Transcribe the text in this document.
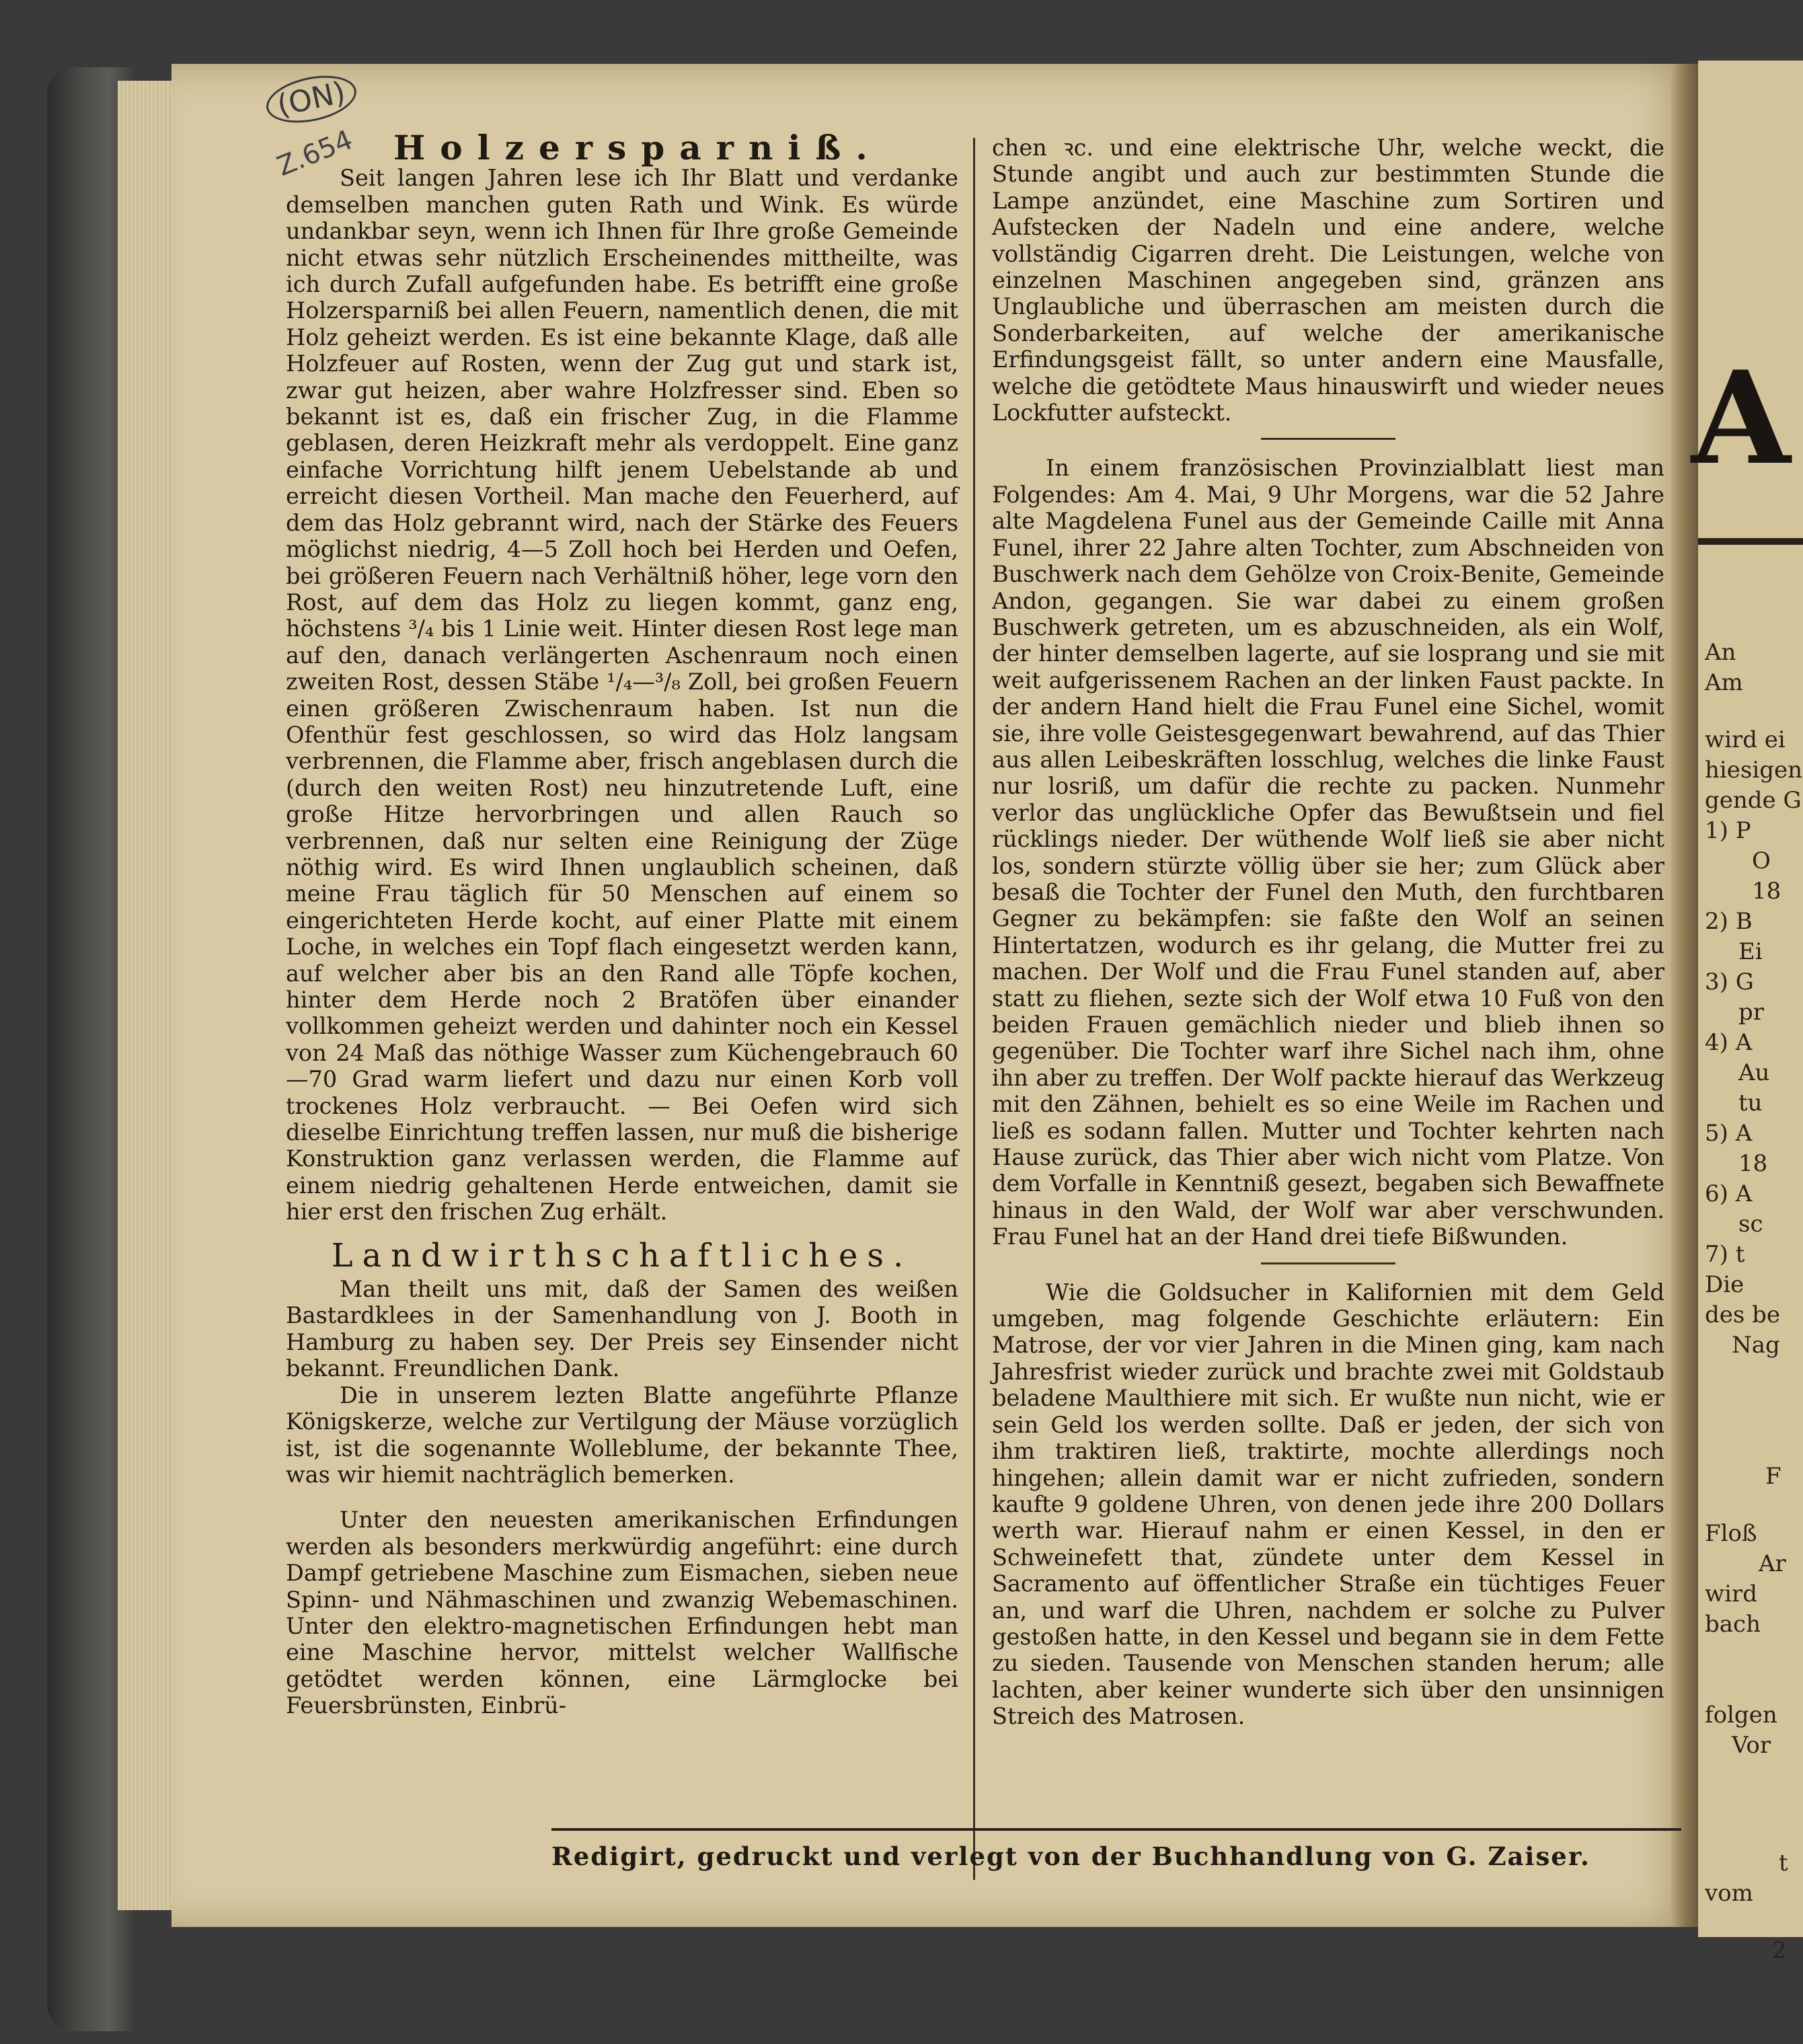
A
An
Am
wird ei
hiesigen
gende G
1) P
O
18
2) B
Ei
3) G
pr
4) A
Au
tu
5) A
18
6) A
sc
7) t
Die
des be
Nag
F
Floß
Ar
wird
bach
folgen
Vor
t
vom
2
(ON)
Z.654	Holzersparniß.

Seit langen Jahren lese ich Ihr Blatt und verdanke demselben manchen guten Rath und Wink. Es würde undankbar seyn, wenn ich Ihnen für Ihre große Gemeinde nicht etwas sehr nützlich Erscheinendes mittheilte, was ich durch Zufall aufgefunden habe. Es betrifft eine große Holzersparniß bei allen Feuern, namentlich denen, die mit Holz geheizt werden. Es ist eine bekannte Klage, daß alle Holzfeuer auf Rosten, wenn der Zug gut und stark ist, zwar gut heizen, aber wahre Holzfresser sind. Eben so bekannt ist es, daß ein frischer Zug, in die Flamme geblasen, deren Heizkraft mehr als verdoppelt. Eine ganz einfache Vorrichtung hilft jenem Uebelstande ab und erreicht diesen Vortheil. Man mache den Feuerherd, auf dem das Holz gebrannt wird, nach der Stärke des Feuers möglichst niedrig, 4—5 Zoll hoch bei Herden und Oefen, bei größeren Feuern nach Verhältniß höher, lege vorn den Rost, auf dem das Holz zu liegen kommt, ganz eng, höchstens ³/₄ bis 1 Linie weit. Hinter diesen Rost lege man auf den, danach verlängerten Aschenraum noch einen zweiten Rost, dessen Stäbe ¹/₄—³/₈ Zoll, bei großen Feuern einen größeren Zwischenraum haben. Ist nun die Ofenthür fest geschlossen, so wird das Holz langsam verbrennen, die Flamme aber, frisch angeblasen durch die (durch den weiten Rost) neu hinzutretende Luft, eine große Hitze hervorbringen und allen Rauch so verbrennen, daß nur selten eine Reinigung der Züge nöthig wird. Es wird Ihnen unglaublich scheinen, daß meine Frau täglich für 50 Menschen auf einem so eingerichteten Herde kocht, auf einer Platte mit einem Loche, in welches ein Topf flach eingesetzt werden kann, auf welcher aber bis an den Rand alle Töpfe kochen, hinter dem Herde noch 2 Bratöfen über einander vollkommen geheizt werden und dahinter noch ein Kessel von 24 Maß das nöthige Wasser zum Küchengebrauch 60—70 Grad warm liefert und dazu nur einen Korb voll trockenes Holz verbraucht. — Bei Oefen wird sich dieselbe Einrichtung treffen lassen, nur muß die bisherige Konstruktion ganz verlassen werden, die Flamme auf einem niedrig gehaltenen Herde entweichen, damit sie hier erst den frischen Zug erhält.

Landwirthschaftliches.

Man theilt uns mit, daß der Samen des weißen Bastardklees in der Samenhandlung von J. Booth in Hamburg zu haben sey. Der Preis sey Einsender nicht bekannt. Freundlichen Dank.

Die in unserem lezten Blatte angeführte Pflanze Königskerze, welche zur Vertilgung der Mäuse vorzüglich ist, ist die sogenannte Wolleblume, der bekannte Thee, was wir hiemit nachträglich bemerken.

Unter den neuesten amerikanischen Erfindungen werden als besonders merkwürdig angeführt: eine durch Dampf getriebene Maschine zum Eismachen, sieben neue Spinn- und Nähmaschinen und zwanzig Webemaschinen. Unter den elektro-magnetischen Erfindungen hebt man eine Maschine hervor, mittelst welcher Wallfische getödtet werden können, eine Lärmglocke bei Feuersbrünsten, Einbrü-

chen ꝛc. und eine elektrische Uhr, welche weckt, die Stunde angibt und auch zur bestimmten Stunde die Lampe anzündet, eine Maschine zum Sortiren und Aufstecken der Nadeln und eine andere, welche vollständig Cigarren dreht. Die Leistungen, welche von einzelnen Maschinen angegeben sind, gränzen ans Unglaubliche und überraschen am meisten durch die Sonderbarkeiten, auf welche der amerikanische Erfindungsgeist fällt, so unter andern eine Mausfalle, welche die getödtete Maus hinauswirft und wieder neues Lockfutter aufsteckt.

In einem französischen Provinzialblatt liest man Folgendes: Am 4. Mai, 9 Uhr Morgens, war die 52 Jahre alte Magdelena Funel aus der Gemeinde Caille mit Anna Funel, ihrer 22 Jahre alten Tochter, zum Abschneiden von Buschwerk nach dem Gehölze von Croix-Benite, Gemeinde Andon, gegangen. Sie war dabei zu einem großen Buschwerk getreten, um es abzuschneiden, als ein Wolf, der hinter demselben lagerte, auf sie losprang und sie mit weit aufgerissenem Rachen an der linken Faust packte. In der andern Hand hielt die Frau Funel eine Sichel, womit sie, ihre volle Geistesgegenwart bewahrend, auf das Thier aus allen Leibeskräften losschlug, welches die linke Faust nur losriß, um dafür die rechte zu packen. Nunmehr verlor das unglückliche Opfer das Bewußtsein und fiel rücklings nieder. Der wüthende Wolf ließ sie aber nicht los, sondern stürzte völlig über sie her; zum Glück aber besaß die Tochter der Funel den Muth, den furchtbaren Gegner zu bekämpfen: sie faßte den Wolf an seinen Hintertatzen, wodurch es ihr gelang, die Mutter frei zu machen. Der Wolf und die Frau Funel standen auf, aber statt zu fliehen, sezte sich der Wolf etwa 10 Fuß von den beiden Frauen gemächlich nieder und blieb ihnen so gegenüber. Die Tochter warf ihre Sichel nach ihm, ohne ihn aber zu treffen. Der Wolf packte hierauf das Werkzeug mit den Zähnen, behielt es so eine Weile im Rachen und ließ es sodann fallen. Mutter und Tochter kehrten nach Hause zurück, das Thier aber wich nicht vom Platze. Von dem Vorfalle in Kenntniß gesezt, begaben sich Bewaffnete hinaus in den Wald, der Wolf war aber verschwunden. Frau Funel hat an der Hand drei tiefe Bißwunden.

Wie die Goldsucher in Kalifornien mit dem Geld umgeben, mag folgende Geschichte erläutern: Ein Matrose, der vor vier Jahren in die Minen ging, kam nach Jahresfrist wieder zurück und brachte zwei mit Goldstaub beladene Maulthiere mit sich. Er wußte nun nicht, wie er sein Geld los werden sollte. Daß er jeden, der sich von ihm traktiren ließ, traktirte, mochte allerdings noch hingehen; allein damit war er nicht zufrieden, sondern kaufte 9 goldene Uhren, von denen jede ihre 200 Dollars werth war. Hierauf nahm er einen Kessel, in den er Schweinefett that, zündete unter dem Kessel in Sacramento auf öffentlicher Straße ein tüchtiges Feuer an, und warf die Uhren, nachdem er solche zu Pulver gestoßen hatte, in den Kessel und begann sie in dem Fette zu sieden. Tausende von Menschen standen herum; alle lachten, aber keiner wunderte sich über den unsinnigen Streich des Matrosen.

Redigirt, gedruckt und verlegt von der Buchhandlung von G. Zaiser.
